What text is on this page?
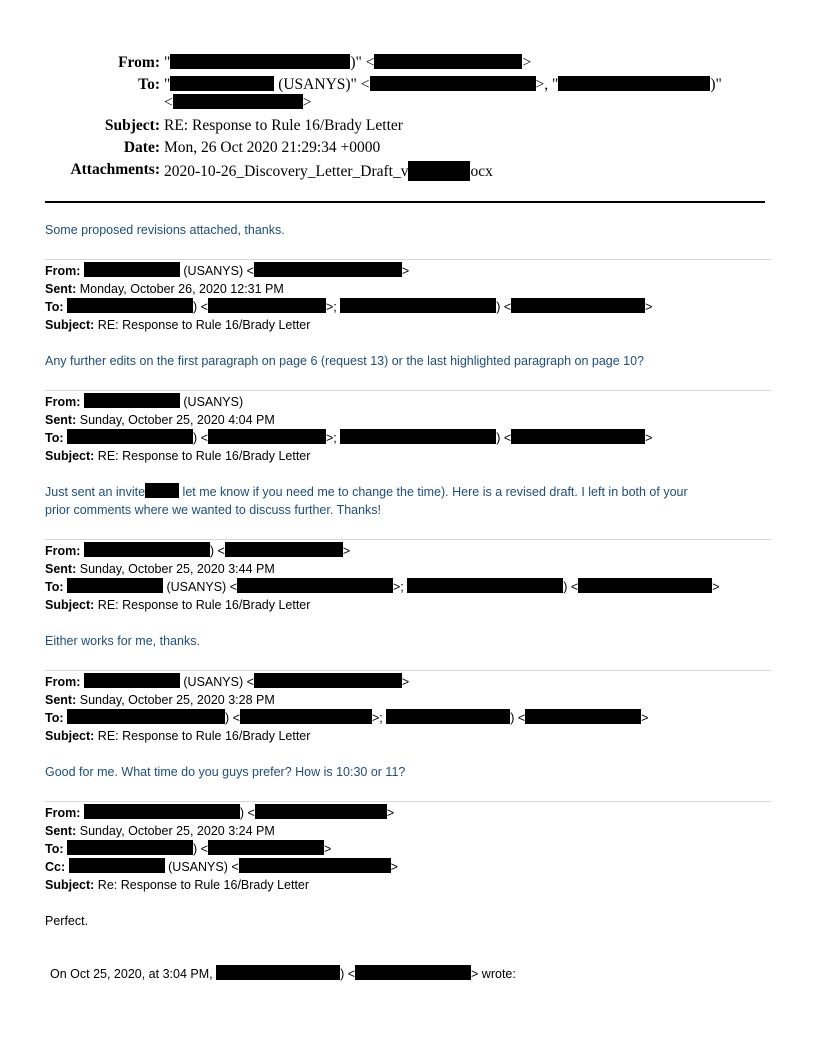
From: "	)" <	>
To: "	(USANYS)" <	>, "	)"
<	>
Subject: RE: Response to Rule 16/Brady Letter
Date: Mon, 26 Oct 2020 21:29:34 +0000
Attachments: 2020-10-26_Discovery_Letter_Draft_v	ocx
Some proposed revisions attached, thanks.
From:	(USANYS) <	>
Sent: Monday, October 26, 2020 12:31 PM
To:	) <	>;	) <	>
Subject: RE: Response to Rule 16/Brady Letter
Any further edits on the first paragraph on page 6 (request 13) or the last highlighted paragraph on page 10?
From:	(USANYS)
Sent: Sunday, October 25, 2020 4:04 PM
To:	) <	>;	) <	>
Subject: RE: Response to Rule 16/Brady Letter
Just sent an invite	let me know if you need me to change the time). Here is a revised draft. I left in both of your
prior comments where we wanted to discuss further. Thanks!
From:	) <	>
Sent: Sunday, October 25, 2020 3:44 PM
To:	(USANYS) <	>;	) <	>
Subject: RE: Response to Rule 16/Brady Letter
Either works for me, thanks.
From:	(USANYS) <	>
Sent: Sunday, October 25, 2020 3:28 PM
To:	) <	>;	) <	>
Subject: RE: Response to Rule 16/Brady Letter
Good for me. What time do you guys prefer? How is 10:30 or 11?
From:	) <	>
Sent: Sunday, October 25, 2020 3:24 PM
To:	) <	>
Cc:	(USANYS) <	>
Subject: Re: Response to Rule 16/Brady Letter
Perfect.
On Oct 25, 2020, at 3:04 PM,	) <	> wrote:
